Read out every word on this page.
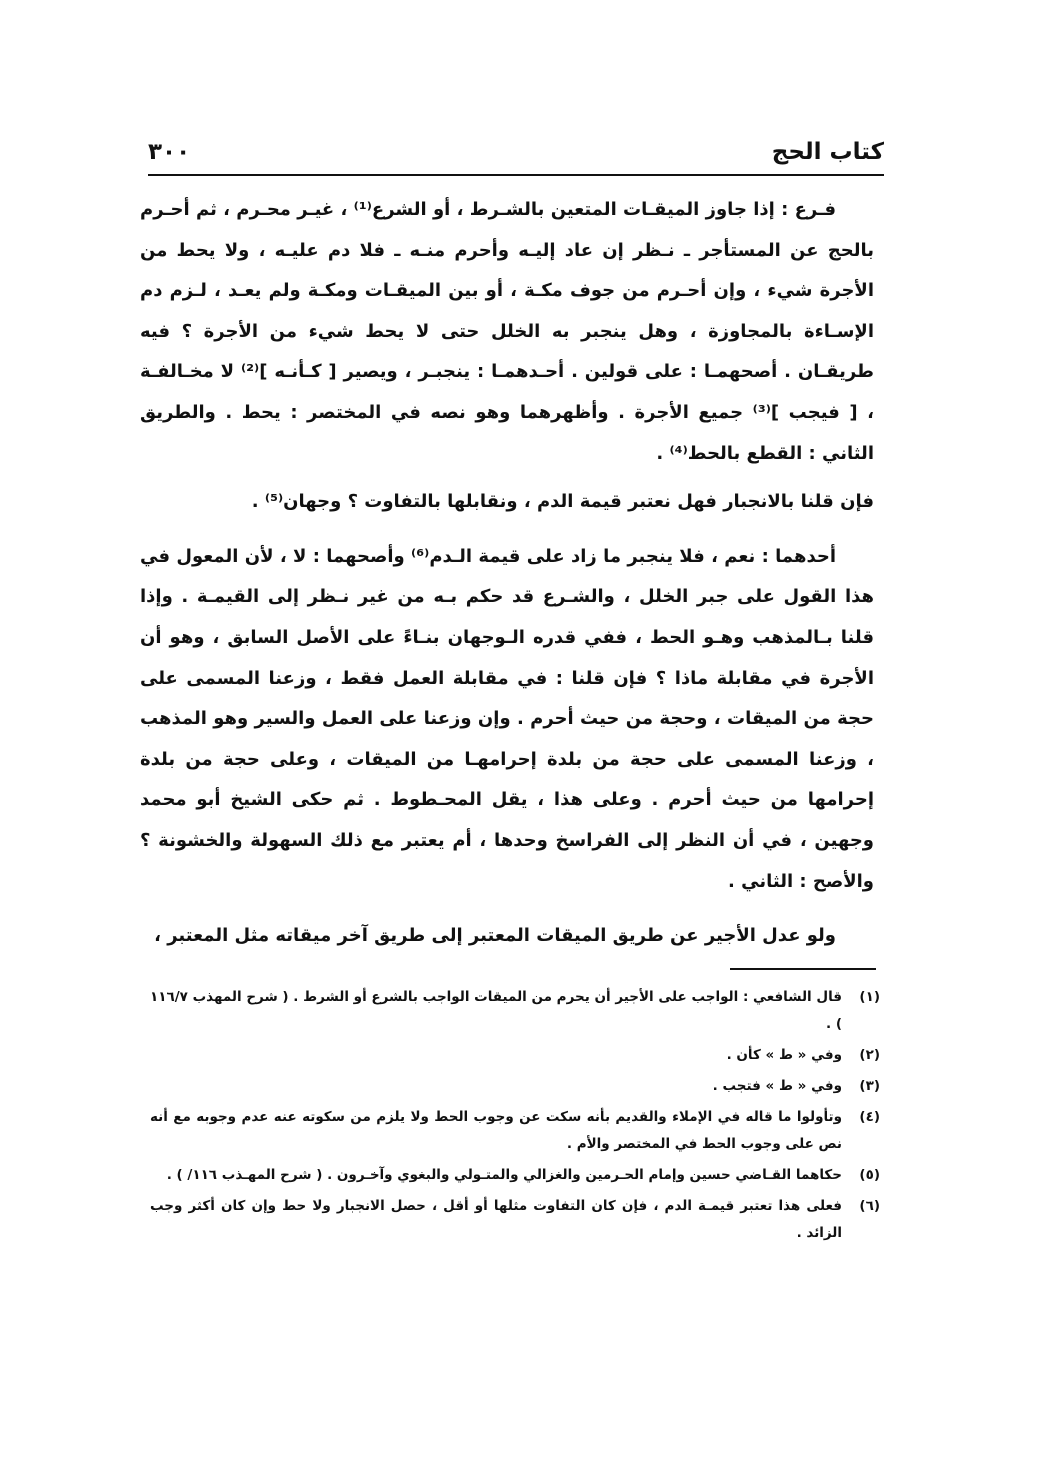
كتاب الحج
٣٠٠

فـرع : إذا جاوز الميقـات المتعين بالشـرط ، أو الشرع⁽¹⁾ ، غيـر محـرم ، ثم أحـرم بالحج عن المستأجر ـ نـظر إن عاد إليـه وأحرم منـه ـ فلا دم عليـه ، ولا يحط من الأجرة شيء ، وإن أحـرم من جوف مكـة ، أو بين الميقـات ومكـة ولم يعـد ، لـزم دم الإسـاءة بالمجاوزة ، وهل ينجبر به الخلل حتى لا يحط شيء من الأجرة ؟ فيه طريقـان . أصحهمـا : على قولين . أحـدهمـا : ينجبـر ، ويصير [ كـأنـه ]⁽²⁾ لا مخـالفـة ، [ فيجب ]⁽³⁾ جميع الأجرة . وأظهرهما وهو نصه في المختصر : يحط . والطريق الثاني : القطع بالحط⁽⁴⁾ .

فإن قلنا بالانجبار فهل نعتبر قيمة الدم ، ونقابلها بالتفاوت ؟ وجهان⁽⁵⁾ .

أحدهما : نعم ، فلا ينجبر ما زاد على قيمة الـدم⁽⁶⁾ وأصحهما : لا ، لأن المعول في هذا القول على جبر الخلل ، والشـرع قد حكم بـه من غير نـظر إلى القيمـة . وإذا قلنا بـالمذهب وهـو الحط ، ففي قدره الـوجهان بنـاءً على الأصل السابق ، وهو أن الأجرة في مقابلة ماذا ؟ فإن قلنا : في مقابلة العمل فقط ، وزعنا المسمى على حجة من الميقات ، وحجة من حيث أحرم . وإن وزعنا على العمل والسير وهو المذهب ، وزعنا المسمى على حجة من بلدة إحرامهـا من الميقات ، وعلى حجة من بلدة إحرامها من حيث أحرم . وعلى هذا ، يقل المحـطوط . ثم حكى الشيخ أبو محمد وجهين ، في أن النظر إلى الفراسخ وحدها ، أم يعتبر مع ذلك السهولة والخشونة ؟ والأصح : الثاني .

ولو عدل الأجير عن طريق الميقات المعتبر إلى طريق آخر ميقاته مثل المعتبر ،

(١)
قال الشافعي : الواجب على الأجير أن يحرم من الميقات الواجب بالشرع أو الشرط . ( شرح المهذب ١١٦/٧ ) .
(٢)
وفي « ط » كأن .
(٣)
وفي « ط » فتجب .
(٤)
وتأولوا ما قاله في الإملاء والقديم بأنه سكت عن وجوب الحط ولا يلزم من سكوته عنه عدم وجوبه مع أنه نص على وجوب الحط في المختصر والأم .
(٥)
حكاهما القـاضي حسين وإمام الحـرمين والغزالي والمتـولي والبغوي وآخـرون . ( شرح المهـذب ١١٦/ ) .
(٦)
فعلى هذا تعتبر قيمـة الدم ، فإن كان التفاوت مثلها أو أقل ، حصل الانجبار ولا حط وإن كان أكثر وجب الزائد .
